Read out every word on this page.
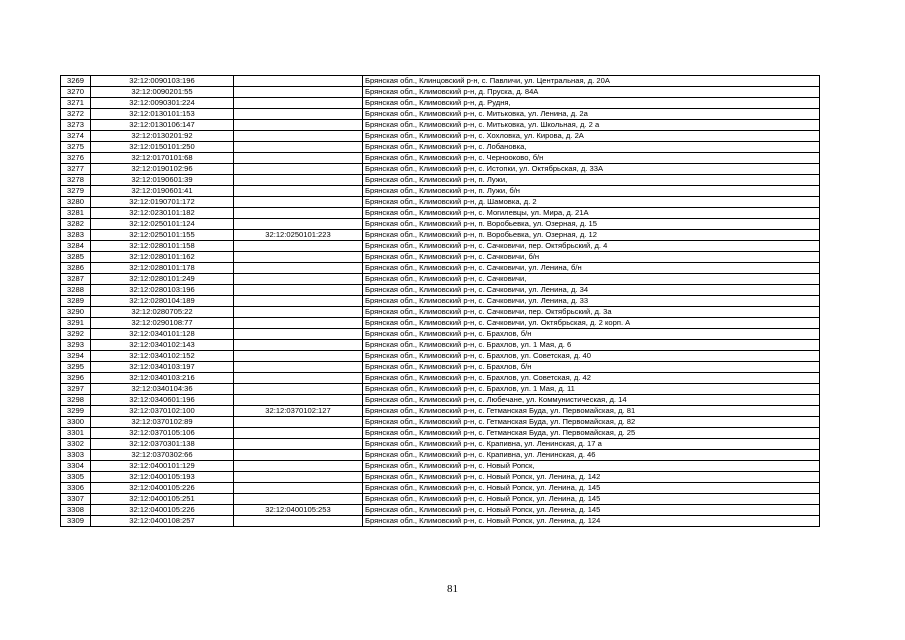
3269	32:12:0090103:196		Брянская обл., Клинцовский р-н, с. Павличи, ул. Центральная, д. 20А
3270	32:12:0090201:55		Брянская обл., Климовский р-н, д. Пруска, д. 84А
3271	32:12:0090301:224		Брянская обл., Климовский р-н, д. Рудня,
3272	32:12:0130101:153		Брянская обл., Климовский р-н, с. Митьковка, ул. Ленина, д. 2а
3273	32:12:0130106:147		Брянская обл., Климовский р-н, с. Митьковка, ул. Школьная, д. 2 а
3274	32:12:0130201:92		Брянская обл., Климовский р-н, с. Хохловка, ул. Кирова, д. 2А
3275	32:12:0150101:250		Брянская обл., Климовский р-н, с. Лобановка,
3276	32:12:0170101:68		Брянская обл., Климовский р-н, с. Чернооково, б/н
3277	32:12:0190102:96		Брянская обл., Климовский р-н, с. Истопки, ул. Октябрьская, д. 33А
3278	32:12:0190601:39		Брянская обл., Климовский р-н, п. Лужи,
3279	32:12:0190601:41		Брянская обл., Климовский р-н, п. Лужи, б/н
3280	32:12:0190701:172		Брянская обл., Климовский р-н, д. Шамовка, д. 2
3281	32:12:0230101:182		Брянская обл., Климовский р-н, с. Могилевцы, ул. Мира, д. 21А
3282	32:12:0250101:124		Брянская обл., Климовский р-н, п. Воробьевка, ул. Озерная, д. 15
3283	32:12:0250101:155	32:12:0250101:223	Брянская обл., Климовский р-н, п. Воробьевка, ул. Озерная, д. 12
3284	32:12:0280101:158		Брянская обл., Климовский р-н, с. Сачковичи, пер. Октябрьский, д. 4
3285	32:12:0280101:162		Брянская обл., Климовский р-н, с. Сачковичи, б/н
3286	32:12:0280101:178		Брянская обл., Климовский р-н, с. Сачковичи, ул. Ленина, б/н
3287	32:12:0280101:249		Брянская обл., Климовский р-н, с. Сачковичи,
3288	32:12:0280103:196		Брянская обл., Климовский р-н, с. Сачковичи, ул. Ленина, д. 34
3289	32:12:0280104:189		Брянская обл., Климовский р-н, с. Сачковичи, ул. Ленина, д. 33
3290	32:12:0280705:22		Брянская обл., Климовский р-н, с. Сачковичи, пер. Октябрьский, д. 3а
3291	32:12:0290108:77		Брянская обл., Климовский р-н, с. Сачковичи, ул. Октябрьская, д. 2 корп. А
3292	32:12:0340101:128		Брянская обл., Климовский р-н, с. Брахлов, б/н
3293	32:12:0340102:143		Брянская обл., Климовский р-н, с. Брахлов, ул. 1 Мая, д. 6
3294	32:12:0340102:152		Брянская обл., Климовский р-н, с. Брахлов, ул. Советская, д. 40
3295	32:12:0340103:197		Брянская обл., Климовский р-н, с. Брахлов, б/н
3296	32:12:0340103:216		Брянская обл., Климовский р-н, с. Брахлов, ул. Советская, д. 42
3297	32:12:0340104:36		Брянская обл., Климовский р-н, с. Брахлов, ул. 1 Мая, д. 11
3298	32:12:0340601:196		Брянская обл., Климовский р-н, с. Любечане, ул. Коммунистическая, д. 14
3299	32:12:0370102:100	32:12:0370102:127	Брянская обл., Климовский р-н, с. Гетманская Буда, ул. Первомайская, д. 81
3300	32:12:0370102:89		Брянская обл., Климовский р-н, с. Гетманская Буда, ул. Первомайская, д. 82
3301	32:12:0370105:106		Брянская обл., Климовский р-н, с. Гетманская Буда, ул. Первомайская, д. 25
3302	32:12:0370301:138		Брянская обл., Климовский р-н, с. Крапивна, ул. Ленинская, д. 17 а
3303	32:12:0370302:66		Брянская обл., Климовский р-н, с. Крапивна, ул. Ленинская, д. 46
3304	32:12:0400101:129		Брянская обл., Климовский р-н, с. Новый Ропск,
3305	32:12:0400105:193		Брянская обл., Климовский р-н, с. Новый Ропск, ул. Ленина, д. 142
3306	32:12:0400105:226		Брянская обл., Климовский р-н, с. Новый Ропск, ул. Ленина, д. 145
3307	32:12:0400105:251		Брянская обл., Климовский р-н, с. Новый Ропск, ул. Ленина, д. 145
3308	32:12:0400105:226	32:12:0400105:253	Брянская обл., Климовский р-н, с. Новый Ропск, ул. Ленина, д. 145
3309	32:12:0400108:257		Брянская обл., Климовский р-н, с. Новый Ропск, ул. Ленина, д. 124
81
